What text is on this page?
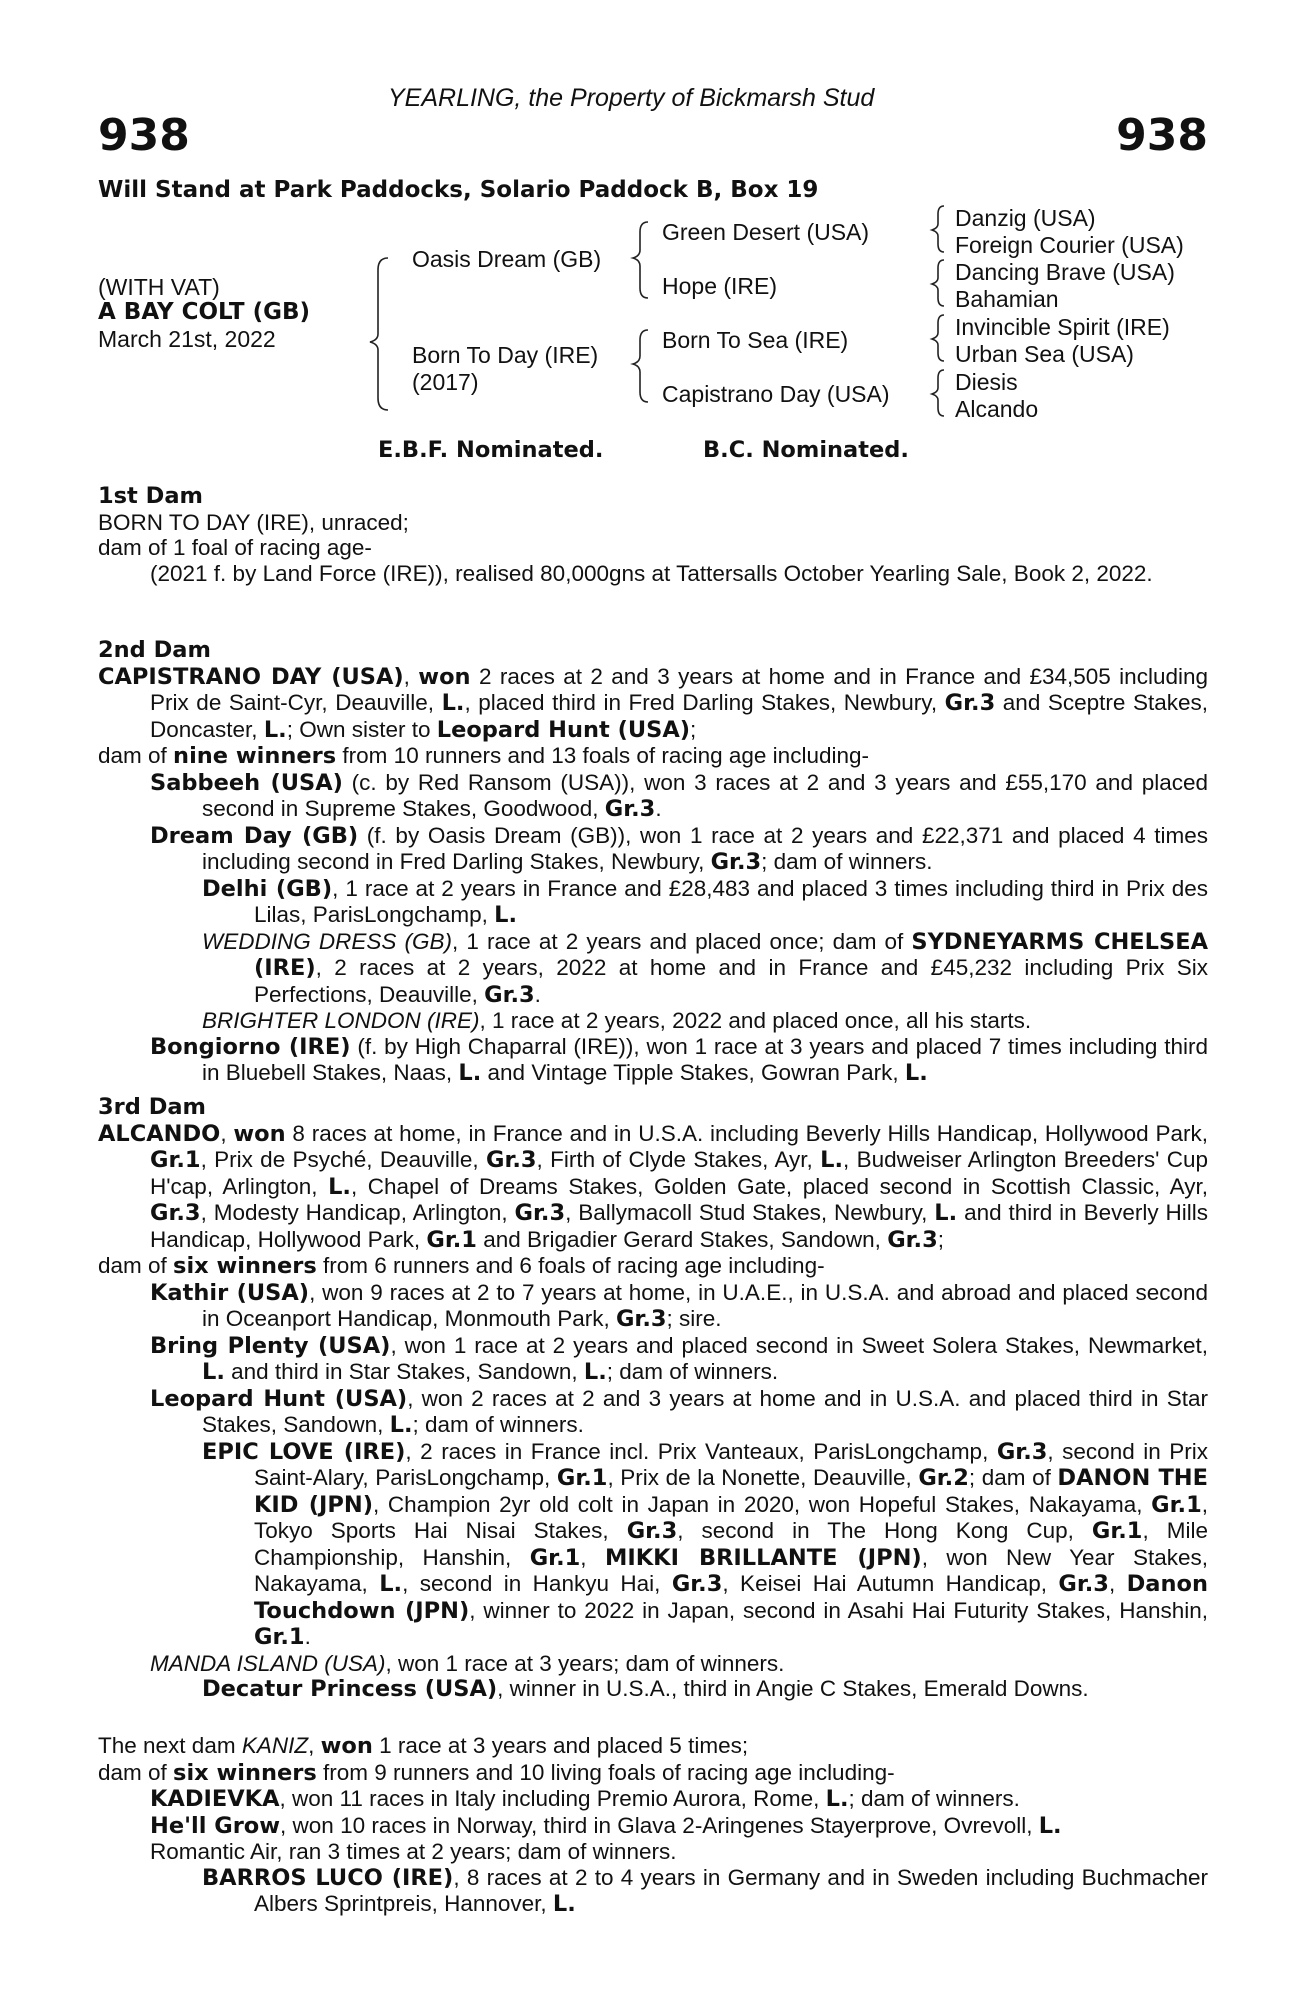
YEARLING, the Property of Bickmarsh Stud
938	938
Will Stand at Park Paddocks, Solario Paddock B, Box 19
(WITH VAT)
A BAY COLT (GB)
March 21st, 2022
Oasis Dream (GB)
Born To Day (IRE)
(2017)
Green Desert (USA)
Hope (IRE)
Born To Sea (IRE)
Capistrano Day (USA)
Danzig (USA)
Foreign Courier (USA)
Dancing Brave (USA)
Bahamian
Invincible Spirit (IRE)
Urban Sea (USA)
Diesis
Alcando
E.B.F. Nominated.	B.C. Nominated.

1st Dam

BORN TO DAY (IRE), unraced;

dam of 1 foal of racing age-

(2021 f. by Land Force (IRE)), realised 80,000gns at Tattersalls October Yearling Sale, Book 2, 2022.

2nd Dam

CAPISTRANO DAY (USA), won 2 races at 2 and 3 years at home and in France and £34,505 including Prix de Saint-Cyr, Deauville, L., placed third in Fred Darling Stakes, Newbury, Gr.3 and Sceptre Stakes, Doncaster, L.; Own sister to Leopard Hunt (USA);

dam of nine winners from 10 runners and 13 foals of racing age including-

Sabbeeh (USA) (c. by Red Ransom (USA)), won 3 races at 2 and 3 years and £55,170 and placed second in Supreme Stakes, Goodwood, Gr.3.

Dream Day (GB) (f. by Oasis Dream (GB)), won 1 race at 2 years and £22,371 and placed 4 times including second in Fred Darling Stakes, Newbury, Gr.3; dam of winners.

Delhi (GB), 1 race at 2 years in France and £28,483 and placed 3 times including third in Prix des Lilas, ParisLongchamp, L.

WEDDING DRESS (GB), 1 race at 2 years and placed once; dam of SYDNEYARMS CHELSEA (IRE), 2 races at 2 years, 2022 at home and in France and £45,232 including Prix Six Perfections, Deauville, Gr.3.

BRIGHTER LONDON (IRE), 1 race at 2 years, 2022 and placed once, all his starts.

Bongiorno (IRE) (f. by High Chaparral (IRE)), won 1 race at 3 years and placed 7 times including third in Bluebell Stakes, Naas, L. and Vintage Tipple Stakes, Gowran Park, L.

3rd Dam

ALCANDO, won 8 races at home, in France and in U.S.A. including Beverly Hills Handicap, Hollywood Park, Gr.1, Prix de Psyché, Deauville, Gr.3, Firth of Clyde Stakes, Ayr, L., Budweiser Arlington Breeders' Cup H'cap, Arlington, L., Chapel of Dreams Stakes, Golden Gate, placed second in Scottish Classic, Ayr, Gr.3, Modesty Handicap, Arlington, Gr.3, Ballymacoll Stud Stakes, Newbury, L. and third in Beverly Hills Handicap, Hollywood Park, Gr.1 and Brigadier Gerard Stakes, Sandown, Gr.3;

dam of six winners from 6 runners and 6 foals of racing age including-

Kathir (USA), won 9 races at 2 to 7 years at home, in U.A.E., in U.S.A. and abroad and placed second in Oceanport Handicap, Monmouth Park, Gr.3; sire.

Bring Plenty (USA), won 1 race at 2 years and placed second in Sweet Solera Stakes, Newmarket, L. and third in Star Stakes, Sandown, L.; dam of winners.

Leopard Hunt (USA), won 2 races at 2 and 3 years at home and in U.S.A. and placed third in Star Stakes, Sandown, L.; dam of winners.

EPIC LOVE (IRE), 2 races in France incl. Prix Vanteaux, ParisLongchamp, Gr.3, second in Prix Saint-Alary, ParisLongchamp, Gr.1, Prix de la Nonette, Deauville, Gr.2; dam of DANON THE KID (JPN), Champion 2yr old colt in Japan in 2020, won Hopeful Stakes, Nakayama, Gr.1, Tokyo Sports Hai Nisai Stakes, Gr.3, second in The Hong Kong Cup, Gr.1, Mile Championship, Hanshin, Gr.1, MIKKI BRILLANTE (JPN), won New Year Stakes, Nakayama, L., second in Hankyu Hai, Gr.3, Keisei Hai Autumn Handicap, Gr.3, Danon Touchdown (JPN), winner to 2022 in Japan, second in Asahi Hai Futurity Stakes, Hanshin, Gr.1.

MANDA ISLAND (USA), won 1 race at 3 years; dam of winners.

Decatur Princess (USA), winner in U.S.A., third in Angie C Stakes, Emerald Downs.

The next dam KANIZ, won 1 race at 3 years and placed 5 times;

dam of six winners from 9 runners and 10 living foals of racing age including-

KADIEVKA, won 11 races in Italy including Premio Aurora, Rome, L.; dam of winners.

He'll Grow, won 10 races in Norway, third in Glava 2-Aringenes Stayerprove, Ovrevoll, L.

Romantic Air, ran 3 times at 2 years; dam of winners.

BARROS LUCO (IRE), 8 races at 2 to 4 years in Germany and in Sweden including Buchmacher Albers Sprintpreis, Hannover, L.
